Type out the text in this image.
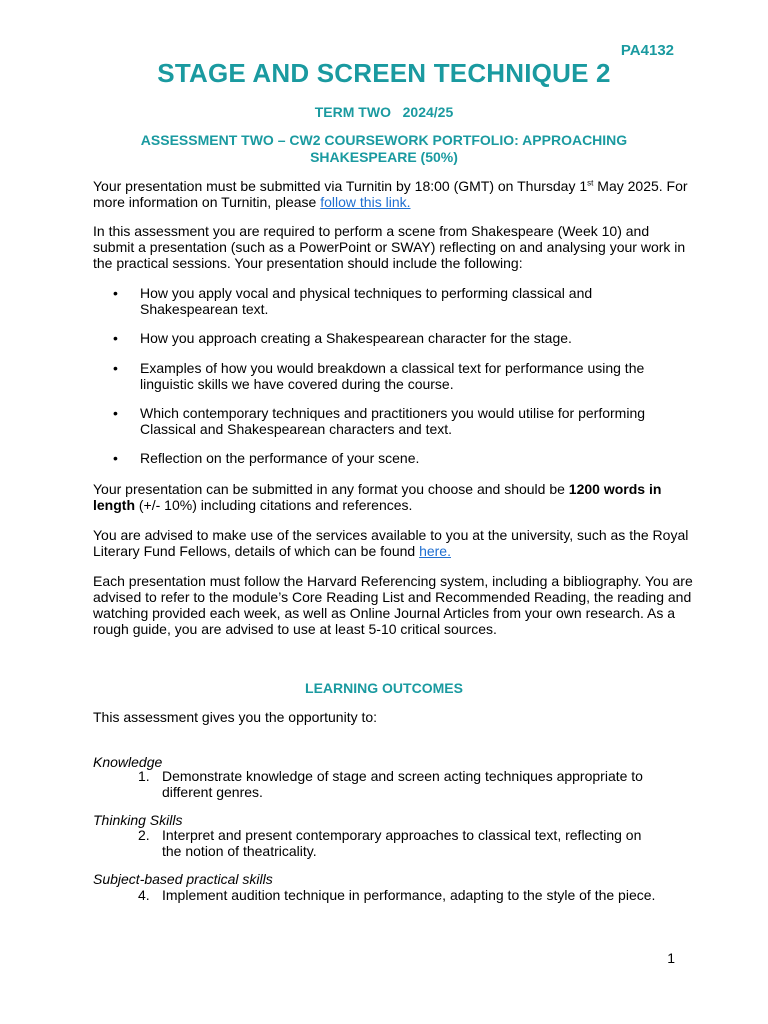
PA4132
STAGE AND SCREEN TECHNIQUE 2
TERM TWO   2024/25
ASSESSMENT TWO – CW2 COURSEWORK PORTFOLIO: APPROACHING SHAKESPEARE (50%)
Your presentation must be submitted via Turnitin by 18:00 (GMT) on Thursday 1st May 2025. For more information on Turnitin, please follow this link.
In this assessment you are required to perform a scene from Shakespeare (Week 10) and submit a presentation (such as a PowerPoint or SWAY) reflecting on and analysing your work in the practical sessions. Your presentation should include the following:
• How you apply vocal and physical techniques to performing classical and Shakespearean text.
• How you approach creating a Shakespearean character for the stage.
• Examples of how you would breakdown a classical text for performance using the linguistic skills we have covered during the course.
• Which contemporary techniques and practitioners you would utilise for performing Classical and Shakespearean characters and text.
• Reflection on the performance of your scene.
Your presentation can be submitted in any format you choose and should be 1200 words in length (+/- 10%) including citations and references.
You are advised to make use of the services available to you at the university, such as the Royal Literary Fund Fellows, details of which can be found here.
Each presentation must follow the Harvard Referencing system, including a bibliography. You are advised to refer to the module’s Core Reading List and Recommended Reading, the reading and watching provided each week, as well as Online Journal Articles from your own research. As a rough guide, you are advised to use at least 5-10 critical sources.
LEARNING OUTCOMES
This assessment gives you the opportunity to:
Knowledge
1. Demonstrate knowledge of stage and screen acting techniques appropriate to different genres.
Thinking Skills
2. Interpret and present contemporary approaches to classical text, reflecting on the notion of theatricality.
Subject-based practical skills
4. Implement audition technique in performance, adapting to the style of the piece.
1
